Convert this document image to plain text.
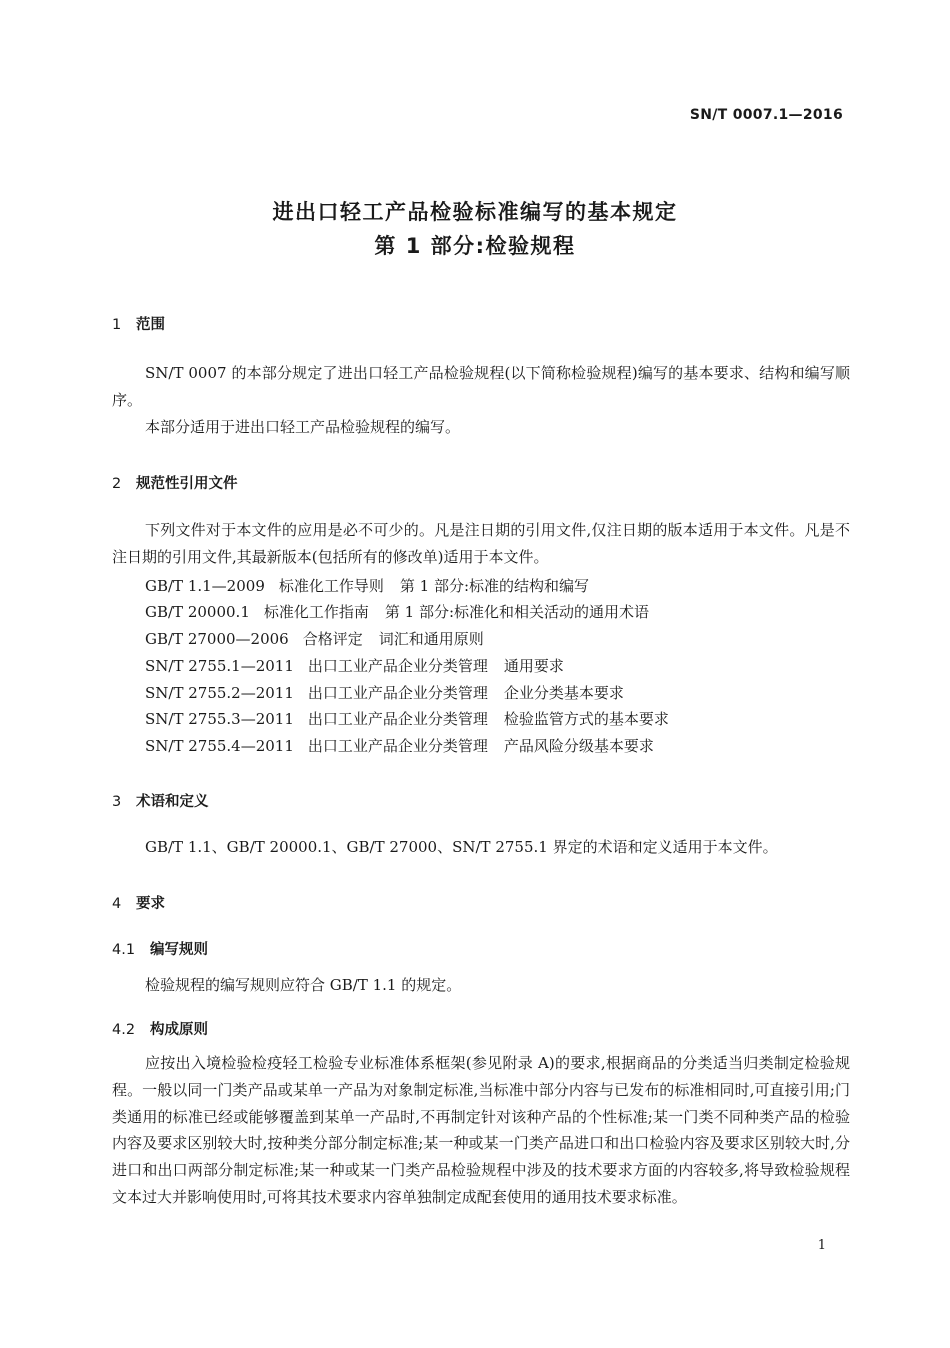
SN/T 0007.1—2016
进出口轻工产品检验标准编写的基本规定
第 1 部分:检验规程
1 范围

SN/T 0007 的本部分规定了进出口轻工产品检验规程(以下简称检验规程)编写的基本要求、结构和编写顺序。

本部分适用于进出口轻工产品检验规程的编写。

2 规范性引用文件

下列文件对于本文件的应用是必不可少的。凡是注日期的引用文件,仅注日期的版本适用于本文件。凡是不注日期的引用文件,其最新版本(包括所有的修改单)适用于本文件。

GB/T 1.1—2009 标准化工作导则 第 1 部分:标准的结构和编写
GB/T 20000.1 标准化工作指南 第 1 部分:标准化和相关活动的通用术语
GB/T 27000—2006 合格评定 词汇和通用原则
SN/T 2755.1—2011 出口工业产品企业分类管理 通用要求
SN/T 2755.2—2011 出口工业产品企业分类管理 企业分类基本要求
SN/T 2755.3—2011 出口工业产品企业分类管理 检验监管方式的基本要求
SN/T 2755.4—2011 出口工业产品企业分类管理 产品风险分级基本要求
3 术语和定义

GB/T 1.1、GB/T 20000.1、GB/T 27000、SN/T 2755.1 界定的术语和定义适用于本文件。

4 要求
4.1 编写规则

检验规程的编写规则应符合 GB/T 1.1 的规定。

4.2 构成原则

应按出入境检验检疫轻工检验专业标准体系框架(参见附录 A)的要求,根据商品的分类适当归类制定检验规程。一般以同一门类产品或某单一产品为对象制定标准,当标准中部分内容与已发布的标准相同时,可直接引用;门类通用的标准已经或能够覆盖到某单一产品时,不再制定针对该种产品的个性标准;某一门类不同种类产品的检验内容及要求区别较大时,按种类分部分制定标准;某一种或某一门类产品进口和出口检验内容及要求区别较大时,分进口和出口两部分制定标准;某一种或某一门类产品检验规程中涉及的技术要求方面的内容较多,将导致检验规程文本过大并影响使用时,可将其技术要求内容单独制定成配套使用的通用技术要求标准。

1
